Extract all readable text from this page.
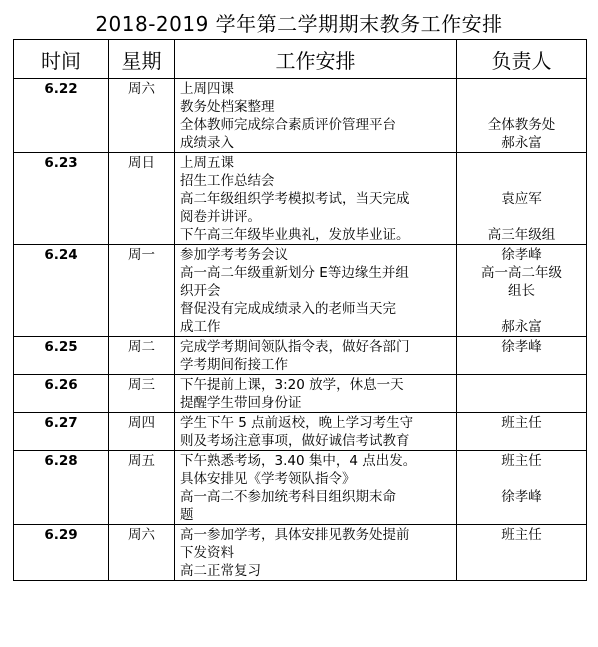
2018-2019 学年第二学期期末教务工作安排
时间	星期	工作安排	负责人

6.22	周六	上周四课
教务处档案整理
全体教师完成综合素质评价管理平台
成绩录入	全体教务处
郝永富

6.23	周日	上周五课
招生工作总结会
高二年级组织学考模拟考试，当天完成
阅卷并讲评。
下午高三年级毕业典礼，发放毕业证。	袁应军
高三年级组

6.24	周一	参加学考考务会议
高一高二年级重新划分 E等边缘生并组
织开会
督促没有完成成绩录入的老师当天完
成工作	徐孝峰
高一高二年级
组长
郝永富

6.25	周二	完成学考期间领队指令表，做好各部门
学考期间衔接工作	徐孝峰

6.26	周三	下午提前上课，3:20 放学，休息一天
提醒学生带回身份证	

6.27	周四	学生下午 5 点前返校，晚上学习考生守
则及考场注意事项，做好诚信考试教育	班主任

6.28	周五	下午熟悉考场，3.40 集中，4 点出发。
具体安排见《学考领队指令》
高一高二不参加统考科目组织期末命
题	班主任
徐孝峰

6.29	周六	高一参加学考，具体安排见教务处提前
下发资料
高二正常复习	班主任
